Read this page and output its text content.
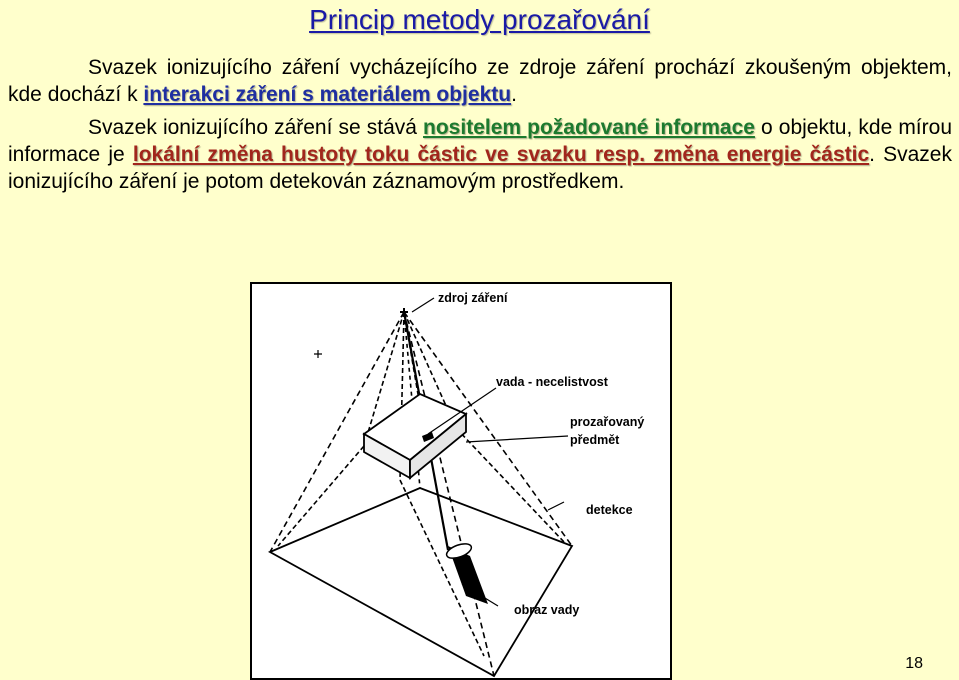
Princip metody prozařování

Svazek ionizujícího záření vycházejícího ze zdroje záření prochází zkoušeným objektem, kde dochází k interakci záření s materiálem objektu.

Svazek ionizujícího záření se stává nositelem požadované informace o objektu, kde mírou informace je lokální změna hustoty toku částic ve svazku resp. změna energie částic. Svazek ionizujícího záření je potom detekován záznamovým prostředkem.

zdroj záření
vada - necelistvost
prozařovaný
předmět
detekce
obraz vady
18
